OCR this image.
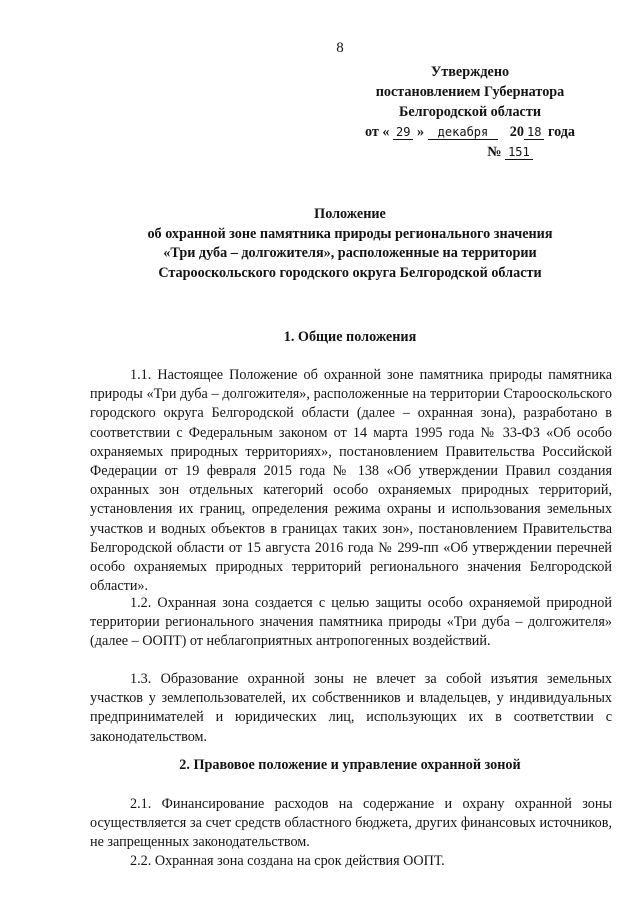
8
Утверждено
постановлением Губернатора
Белгородской области
от « 29 » декабря 20 18 года
№ 151
Положение
об охранной зоне памятника природы регионального значения
«Три дуба – долгожителя», расположенные на территории
Старооскольского городского округа Белгородской области
1. Общие положения
1.1. Настоящее Положение об охранной зоне памятника природы памятника природы «Три дуба – долгожителя», расположенные на территории Старооскольского городского округа Белгородской области (далее – охранная зона), разработано в соответствии с Федеральным законом от 14 марта 1995 года № 33-ФЗ «Об особо охраняемых природных территориях», постановлением Правительства Российской Федерации от 19 февраля 2015 года № 138 «Об утверждении Правил создания охранных зон отдельных категорий особо охраняемых природных территорий, установления их границ, определения режима охраны и использования земельных участков и водных объектов в границах таких зон», постановлением Правительства Белгородской области от 15 августа 2016 года № 299-пп «Об утверждении перечней особо охраняемых природных территорий регионального значения Белгородской области».
1.2. Охранная зона создается с целью защиты особо охраняемой природной территории регионального значения памятника природы «Три дуба – долгожителя» (далее – ООПТ) от неблагоприятных антропогенных воздействий.
1.3. Образование охранной зоны не влечет за собой изъятия земельных участков у землепользователей, их собственников и владельцев, у индивидуальных предпринимателей и юридических лиц, использующих их в соответствии с законодательством.
2. Правовое положение и управление охранной зоной
2.1. Финансирование расходов на содержание и охрану охранной зоны осуществляется за счет средств областного бюджета, других финансовых источников, не запрещенных законодательством.
2.2. Охранная зона создана на срок действия ООПТ.
